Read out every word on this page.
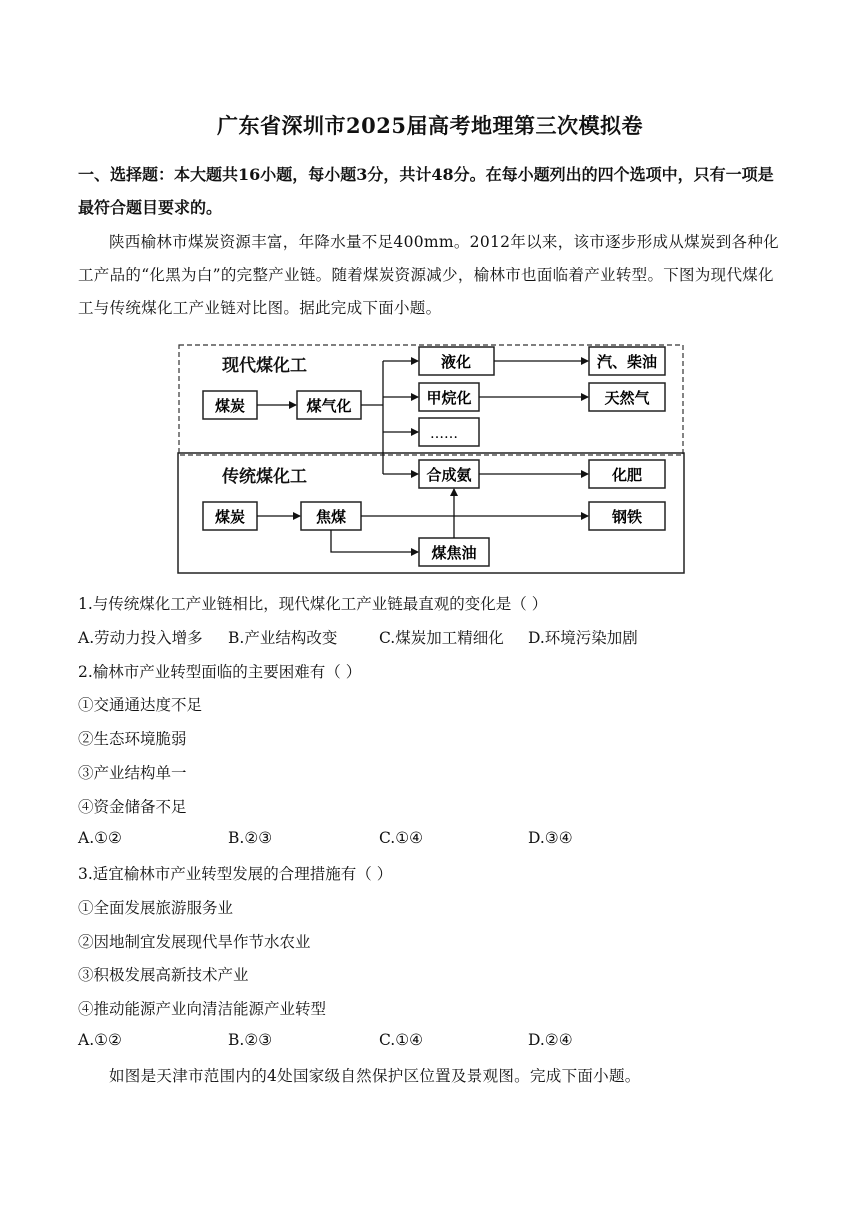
广东省深圳市2025届高考地理第三次模拟卷
一、选择题：本大题共16小题，每小题3分，共计48分。在每小题列出的四个选项中，只有一项是最符合题目要求的。
陕西榆林市煤炭资源丰富，年降水量不足400mm。2012年以来，该市逐步形成从煤炭到各种化工产品的“化黑为白”的完整产业链。随着煤炭资源减少，榆林市也面临着产业转型。下图为现代煤化工与传统煤化工产业链对比图。据此完成下面小题。
现代煤化工
传统煤化工
煤炭	煤气化
液化
甲烷化
……
汽、柴油
天然气
合成氨	化肥
煤炭	焦煤	钢铁
煤焦油
1.与传统煤化工产业链相比，现代煤化工产业链最直观的变化是（ ）
A.劳动力投入增多 B.产业结构改变	C.煤炭加工精细化 D.环境污染加剧
2.榆林市产业转型面临的主要困难有（ ）
①交通通达度不足
②生态环境脆弱
③产业结构单一
④资金储备不足
A.①②	B.②③	C.①④	D.③④
3.适宜榆林市产业转型发展的合理措施有（ ）
①全面发展旅游服务业
②因地制宜发展现代旱作节水农业
③积极发展高新技术产业
④推动能源产业向清洁能源产业转型
A.①②	B.②③	C.①④	D.②④
如图是天津市范围内的4处国家级自然保护区位置及景观图。完成下面小题。
